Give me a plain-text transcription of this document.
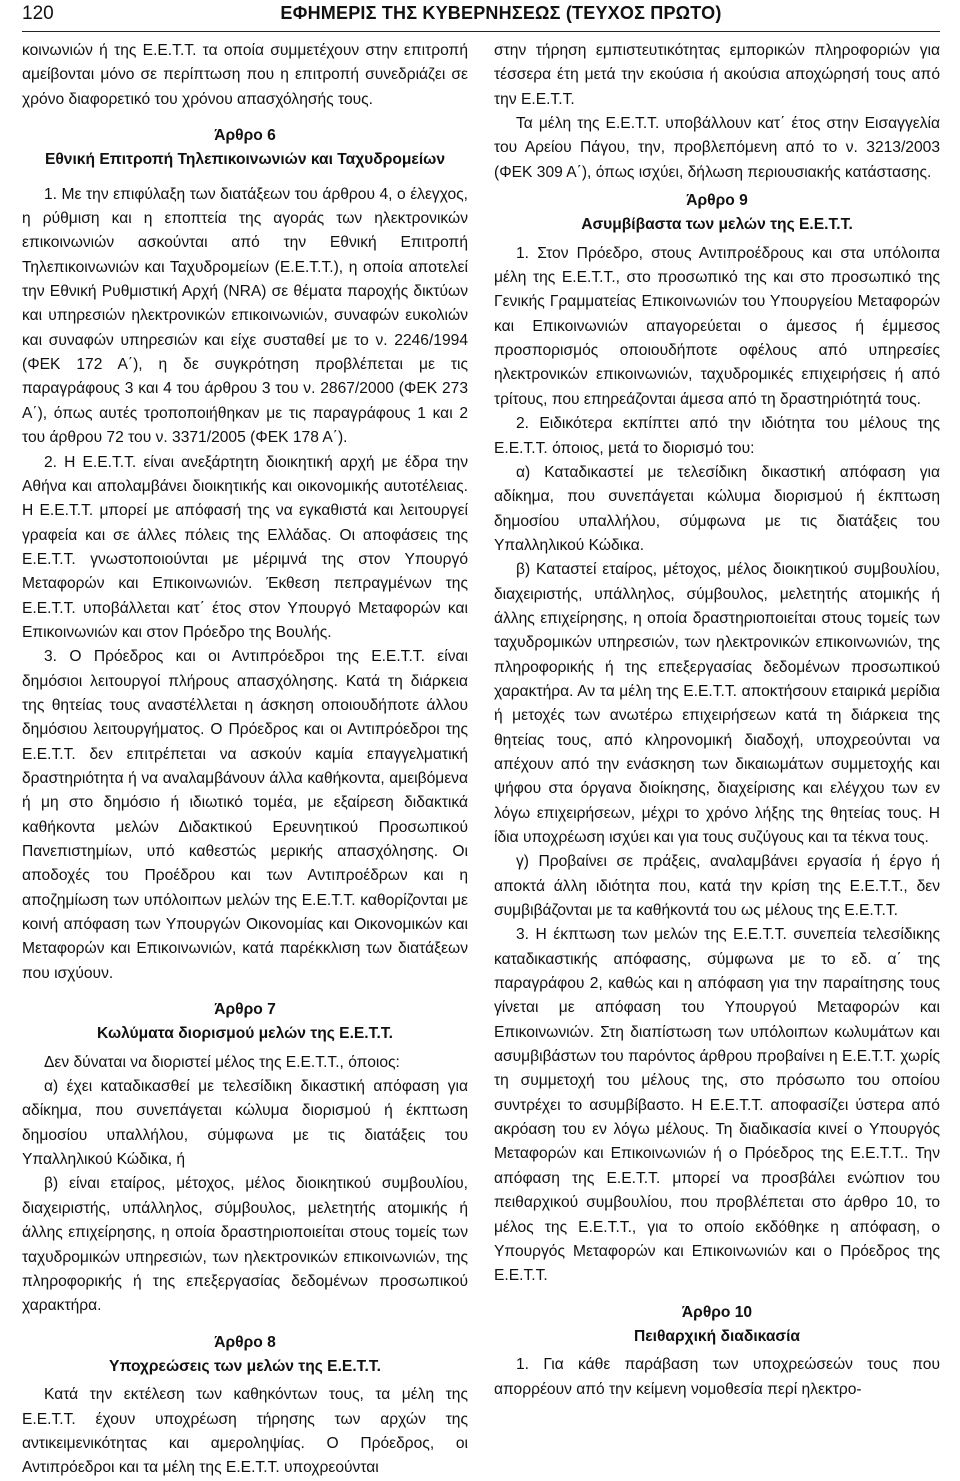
120	ΕΦΗΜΕΡΙΣ ΤΗΣ ΚΥΒΕΡΝΗΣΕΩΣ (ΤΕΥΧΟΣ ΠΡΩΤΟ)

κοινωνιών ή της Ε.Ε.Τ.Τ. τα οποία συμμετέχουν στην επιτροπή αμείβονται μόνο σε περίπτωση που η επιτροπή συνεδριάζει σε χρόνο διαφορετικό του χρόνου απασχόλησής τους.

Άρθρο 6
Εθνική Επιτροπή Τηλεπικοινωνιών και Ταχυδρομείων

1. Με την επιφύλαξη των διατάξεων του άρθρου 4, ο έλεγχος, η ρύθμιση και η εποπτεία της αγοράς των ηλεκτρονικών επικοινωνιών ασκούνται από την Εθνική Επιτροπή Τηλεπικοινωνιών και Ταχυδρομείων (Ε.Ε.Τ.Τ.), η οποία αποτελεί την Εθνική Ρυθμιστική Αρχή (NRA) σε θέματα παροχής δικτύων και υπηρεσιών ηλεκτρονικών επικοινωνιών, συναφών ευκολιών και συναφών υπηρεσιών και είχε συσταθεί με το ν. 2246/1994 (ΦΕΚ 172 Α΄), η δε συγκρότηση προβλέπεται με τις παραγράφους 3 και 4 του άρθρου 3 του ν. 2867/2000 (ΦΕΚ 273 Α΄), όπως αυτές τροποποιήθηκαν με τις παραγράφους 1 και 2 του άρθρου 72 του ν. 3371/2005 (ΦΕΚ 178 Α΄).

2. Η Ε.Ε.Τ.Τ. είναι ανεξάρτητη διοικητική αρχή με έδρα την Αθήνα και απολαμβάνει διοικητικής και οικονομικής αυτοτέλειας. Η Ε.Ε.Τ.Τ. μπορεί με απόφασή της να εγκαθιστά και λειτουργεί γραφεία και σε άλλες πόλεις της Ελλάδας. Οι αποφάσεις της Ε.Ε.Τ.Τ. γνωστοποιούνται με μέριμνά της στον Υπουργό Μεταφορών και Επικοινωνιών. Έκθεση πεπραγμένων της Ε.Ε.Τ.Τ. υποβάλλεται κατ΄ έτος στον Υπουργό Μεταφορών και Επικοινωνιών και στον Πρόεδρο της Βουλής.

3. Ο Πρόεδρος και οι Αντιπρόεδροι της Ε.Ε.Τ.Τ. είναι δημόσιοι λειτουργοί πλήρους απασχόλησης. Κατά τη διάρκεια της θητείας τους αναστέλλεται η άσκηση οποιουδήποτε άλλου δημόσιου λειτουργήματος. Ο Πρόεδρος και οι Αντιπρόεδροι της Ε.Ε.Τ.Τ. δεν επιτρέπεται να ασκούν καμία επαγγελματική δραστηριότητα ή να αναλαμβάνουν άλλα καθήκοντα, αμειβόμενα ή μη στο δημόσιο ή ιδιωτικό τομέα, με εξαίρεση διδακτικά καθήκοντα μελών Διδακτικού Ερευνητικού Προσωπικού Πανεπιστημίων, υπό καθεστώς μερικής απασχόλησης. Οι αποδοχές του Προέδρου και των Αντιπροέδρων και η αποζημίωση των υπόλοιπων μελών της Ε.Ε.Τ.Τ. καθορίζονται με κοινή απόφαση των Υπουργών Οικονομίας και Οικονομικών και Μεταφορών και Επικοινωνιών, κατά παρέκκλιση των διατάξεων που ισχύουν.

Άρθρο 7
Κωλύματα διορισμού μελών της Ε.Ε.Τ.Τ.

Δεν δύναται να διοριστεί μέλος της Ε.Ε.Τ.Τ., όποιος:

α) έχει καταδικασθεί με τελεσίδικη δικαστική απόφαση για αδίκημα, που συνεπάγεται κώλυμα διορισμού ή έκπτωση δημοσίου υπαλλήλου, σύμφωνα με τις διατάξεις του Υπαλληλικού Κώδικα, ή

β) είναι εταίρος, μέτοχος, μέλος διοικητικού συμβουλίου, διαχειριστής, υπάλληλος, σύμβουλος, μελετητής ατομικής ή άλλης επιχείρησης, η οποία δραστηριοποιείται στους τομείς των ταχυδρομικών υπηρεσιών, των ηλεκτρονικών επικοινωνιών, της πληροφορικής ή της επεξεργασίας δεδομένων προσωπικού χαρακτήρα.

Άρθρο 8
Υποχρεώσεις των μελών της Ε.Ε.Τ.Τ.

Κατά την εκτέλεση των καθηκόντων τους, τα μέλη της Ε.Ε.Τ.Τ. έχουν υποχρέωση τήρησης των αρχών της αντικειμενικότητας και αμεροληψίας. Ο Πρόεδρος, οι Αντιπρόεδροι και τα μέλη της Ε.Ε.Τ.Τ. υποχρεούνται

στην τήρηση εμπιστευτικότητας εμπορικών πληροφοριών για τέσσερα έτη μετά την εκούσια ή ακούσια αποχώρησή τους από την Ε.Ε.Τ.Τ.

Τα μέλη της Ε.Ε.Τ.Τ. υποβάλλουν κατ΄ έτος στην Εισαγγελία του Αρείου Πάγου, την, προβλεπόμενη από το ν. 3213/2003 (ΦΕΚ 309 Α΄), όπως ισχύει, δήλωση περιουσιακής κατάστασης.

Άρθρο 9
Ασυμβίβαστα των μελών της Ε.Ε.Τ.Τ.

1. Στον Πρόεδρο, στους Αντιπροέδρους και στα υπόλοιπα μέλη της Ε.Ε.Τ.Τ., στο προσωπικό της και στο προσωπικό της Γενικής Γραμματείας Επικοινωνιών του Υπουργείου Μεταφορών και Επικοινωνιών απαγορεύεται ο άμεσος ή έμμεσος προσπορισμός οποιουδήποτε οφέλους από υπηρεσίες ηλεκτρονικών επικοινωνιών, ταχυδρομικές επιχειρήσεις ή από τρίτους, που επηρεάζονται άμεσα από τη δραστηριότητά τους.

2. Ειδικότερα εκπίπτει από την ιδιότητα του μέλους της Ε.Ε.Τ.Τ. όποιος, μετά το διορισμό του:

α) Καταδικαστεί με τελεσίδικη δικαστική απόφαση για αδίκημα, που συνεπάγεται κώλυμα διορισμού ή έκπτωση δημοσίου υπαλλήλου, σύμφωνα με τις διατάξεις του Υπαλληλικού Κώδικα.

β) Καταστεί εταίρος, μέτοχος, μέλος διοικητικού συμβουλίου, διαχειριστής, υπάλληλος, σύμβουλος, μελετητής ατομικής ή άλλης επιχείρησης, η οποία δραστηριοποιείται στους τομείς των ταχυδρομικών υπηρεσιών, των ηλεκτρονικών επικοινωνιών, της πληροφορικής ή της επεξεργασίας δεδομένων προσωπικού χαρακτήρα. Αν τα μέλη της Ε.Ε.Τ.Τ. αποκτήσουν εταιρικά μερίδια ή μετοχές των ανωτέρω επιχειρήσεων κατά τη διάρκεια της θητείας τους, από κληρονομική διαδοχή, υποχρεούνται να απέχουν από την ενάσκηση των δικαιωμάτων συμμετοχής και ψήφου στα όργανα διοίκησης, διαχείρισης και ελέγχου των εν λόγω επιχειρήσεων, μέχρι το χρόνο λήξης της θητείας τους. Η ίδια υποχρέωση ισχύει και για τους συζύγους και τα τέκνα τους.

γ) Προβαίνει σε πράξεις, αναλαμβάνει εργασία ή έργο ή αποκτά άλλη ιδιότητα που, κατά την κρίση της Ε.Ε.Τ.Τ., δεν συμβιβάζονται με τα καθήκοντά του ως μέλους της Ε.Ε.Τ.Τ.

3. Η έκπτωση των μελών της Ε.Ε.Τ.Τ. συνεπεία τελεσίδικης καταδικαστικής απόφασης, σύμφωνα με το εδ. α΄ της παραγράφου 2, καθώς και η απόφαση για την παραίτησης τους γίνεται με απόφαση του Υπουργού Μεταφορών και Επικοινωνιών. Στη διαπίστωση των υπόλοιπων κωλυμάτων και ασυμβιβάστων του παρόντος άρθρου προβαίνει η Ε.Ε.Τ.Τ. χωρίς τη συμμετοχή του μέλους της, στο πρόσωπο του οποίου συντρέχει το ασυμβίβαστο. Η Ε.Ε.Τ.Τ. αποφασίζει ύστερα από ακρόαση του εν λόγω μέλους. Τη διαδικασία κινεί ο Υπουργός Μεταφορών και Επικοινωνιών ή ο Πρόεδρος της Ε.Ε.Τ.Τ.. Την απόφαση της Ε.Ε.Τ.Τ. μπορεί να προσβάλει ενώπιον του πειθαρχικού συμβουλίου, που προβλέπεται στο άρθρο 10, το μέλος της Ε.Ε.Τ.Τ., για το οποίο εκδόθηκε η απόφαση, ο Υπουργός Μεταφορών και Επικοινωνιών και ο Πρόεδρος της Ε.Ε.Τ.Τ.

Άρθρο 10
Πειθαρχική διαδικασία

1. Για κάθε παράβαση των υποχρεώσεών τους που απορρέουν από την κείμενη νομοθεσία περί ηλεκτρο-
